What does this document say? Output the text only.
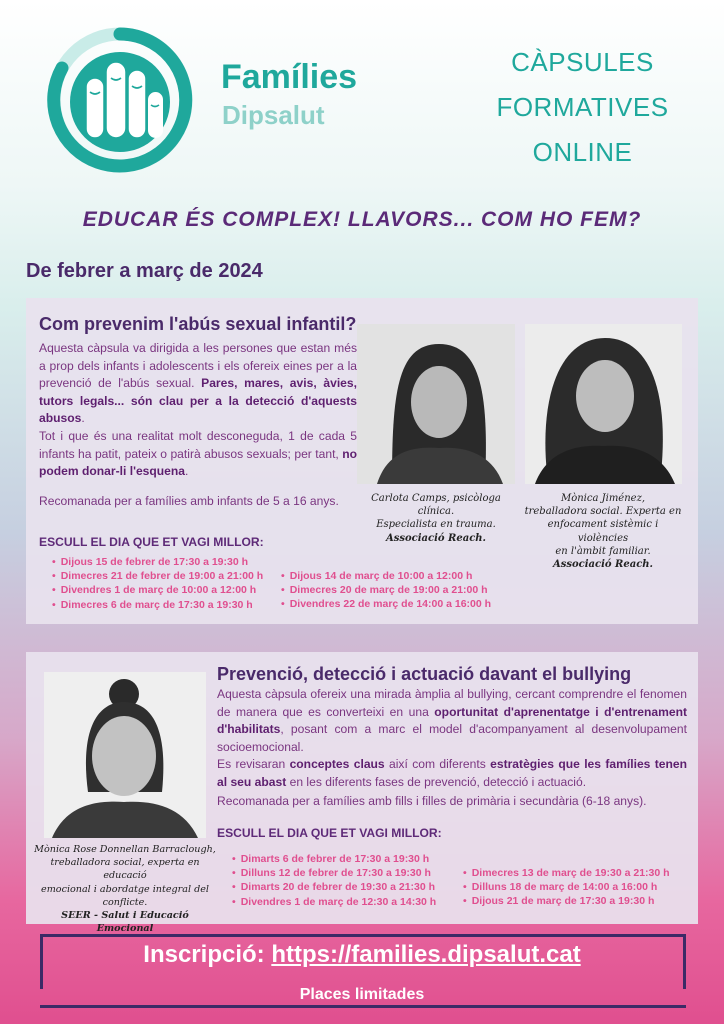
Famílies
Dipsalut
CÀPSULES
FORMATIVES
ONLINE
EDUCAR ÉS COMPLEX! LLAVORS... COM HO FEM?
De febrer a març de 2024
Com prevenim l'abús sexual infantil?

Aquesta càpsula va dirigida a les persones que estan més a prop dels infants i adolescents i els ofereix eines per a la prevenció de l'abús sexual. Pares, mares, avis, àvies, tutors legals... són clau per a la detecció d'aquests abusos.

Tot i que és una realitat molt desconeguda, 1 de cada 5 infants ha patit, pateix o patirà abusos sexuals; per tant, no podem donar-li l'esquena.

Recomanada per a famílies amb infants de 5 a 16 anys.
ESCULL EL DIA QUE ET VAGI MILLOR:
• Dijous 15 de febrer de 17:30 a 19:30 h
• Dimecres 21 de febrer de 19:00 a 21:00 h
• Divendres 1 de març de 10:00 a 12:00 h
• Dimecres 6 de març de 17:30 a 19:30 h
• Dijous 14 de març de 10:00 a 12:00 h
• Dimecres 20 de març de 19:00 a 21:00 h
• Divendres 22 de març de 14:00 a 16:00 h
Carlota Camps, psicòloga clínica.
Especialista en trauma.
Associació Reach.
Mònica Jiménez,
treballadora social. Experta en
enfocament sistèmic i violències
en l'àmbit familiar.
Associació Reach.
Mònica Rose Donnellan Barraclough,
treballadora social, experta en educació
emocional i abordatge integral del
conflicte.
SEER - Salut i Educació Emocional
Prevenció, detecció i actuació davant el bullying

Aquesta càpsula ofereix una mirada àmplia al bullying, cercant comprendre el fenomen de manera que es converteixi en una oportunitat d'aprenentatge i d'entrenament d'habilitats, posant com a marc el model d'acompanyament al desenvolupament socioemocional.

Es revisaran conceptes claus així com diferents estratègies que les famílies tenen al seu abast en les diferents fases de prevenció, detecció i actuació.

Recomanada per a famílies amb fills i filles de primària i secundària (6-18 anys).
ESCULL EL DIA QUE ET VAGI MILLOR:
• Dimarts 6 de febrer de 17:30 a 19:30 h
• Dilluns 12 de febrer de 17:30 a 19:30 h
• Dimarts 20 de febrer de 19:30 a 21:30 h
• Divendres 1 de març de 12:30 a 14:30 h
• Dimecres 13 de març de 19:30 a 21:30 h
• Dilluns 18 de març de 14:00 a 16:00 h
• Dijous 21 de març de 17:30 a 19:30 h
Inscripció: https://families.dipsalut.cat
Places limitades
